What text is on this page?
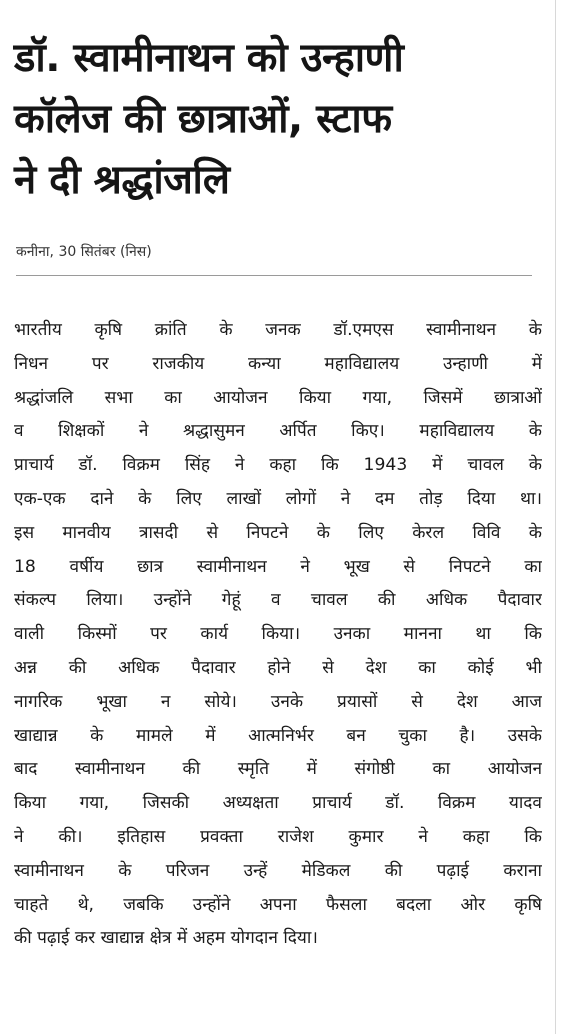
डॉ. स्वामीनाथन को उन्हाणी
कॉलेज की छात्राओं, स्टाफ
ने दी श्रद्धांजलि
कनीना, 30 सितंबर (निस)
भारतीय कृषि क्रांति के जनक डॉ.एमएस स्वामीनाथन के
निधन पर राजकीय कन्या महाविद्यालय उन्हाणी में
श्रद्धांजलि सभा का आयोजन किया गया, जिसमें छात्राओं
व शिक्षकों ने श्रद्धासुमन अर्पित किए। महाविद्यालय के
प्राचार्य डॉ. विक्रम सिंह ने कहा कि 1943 में चावल के
एक-एक दाने के लिए लाखों लोगों ने दम तोड़ दिया था।
इस मानवीय त्रासदी से निपटने के लिए केरल विवि के
18 वर्षीय छात्र स्वामीनाथन ने भूख से निपटने का
संकल्प लिया। उन्होंने गेहूं व चावल की अधिक पैदावार
वाली किस्मों पर कार्य किया। उनका मानना था कि
अन्न की अधिक पैदावार होने से देश का कोई भी
नागरिक भूखा न सोये। उनके प्रयासों से देश आज
खाद्यान्न के मामले में आत्मनिर्भर बन चुका है। उसके
बाद स्वामीनाथन की स्मृति में संगोष्ठी का आयोजन
किया गया, जिसकी अध्यक्षता प्राचार्य डॉ. विक्रम यादव
ने की। इतिहास प्रवक्ता राजेश कुमार ने कहा कि
स्वामीनाथन के परिजन उन्हें मेडिकल की पढ़ाई कराना
चाहते थे, जबकि उन्होंने अपना फैसला बदला ओर कृषि
की पढ़ाई कर खाद्यान्न क्षेत्र में अहम योगदान दिया।
